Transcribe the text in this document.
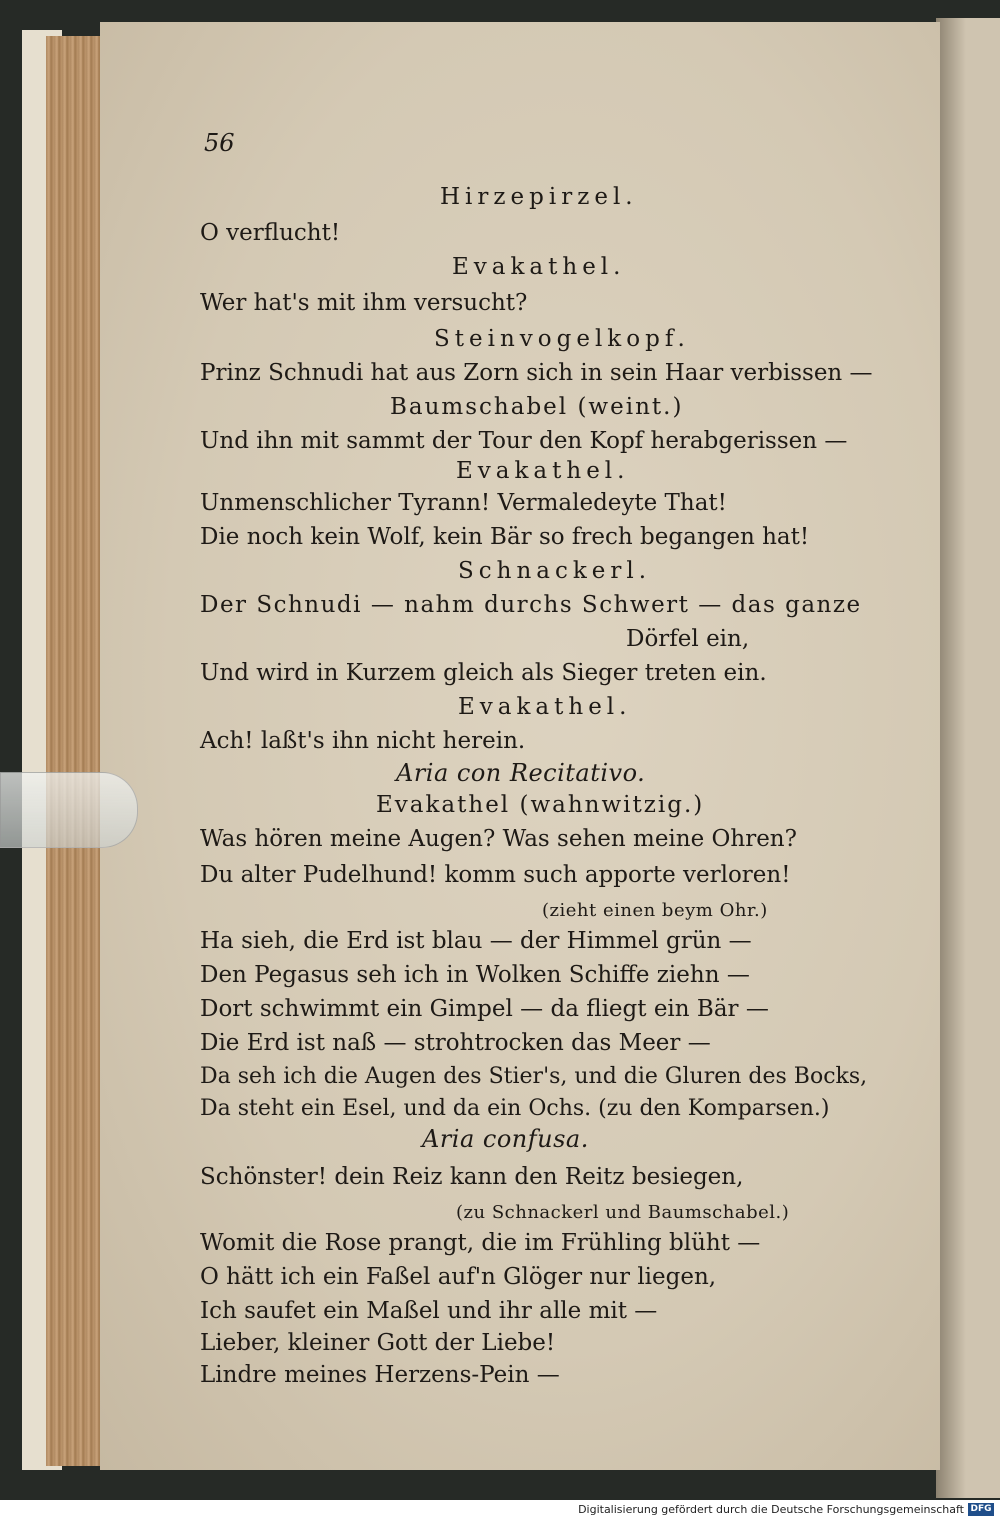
56

Hirzepirzel.

O verflucht!

Evakathel.

Wer hat's mit ihm versucht?

Steinvogelkopf.

Prinz Schnudi hat aus Zorn sich in sein Haar verbissen —

Baumschabel (weint.)

Und ihn mit sammt der Tour den Kopf herabgerissen —

Evakathel.

Unmenschlicher Tyrann! Vermaledeyte That!

Die noch kein Wolf, kein Bär so frech begangen hat!

Schnackerl.

Der Schnudi — nahm durchs Schwert — das ganze

Dörfel ein,

Und wird in Kurzem gleich als Sieger treten ein.

Evakathel.

Ach! laßt's ihn nicht herein.

Aria con Recitativo.

Evakathel (wahnwitzig.)

Was hören meine Augen? Was sehen meine Ohren?

Du alter Pudelhund! komm such apporte verloren!

(zieht einen beym Ohr.)

Ha sieh, die Erd ist blau — der Himmel grün —

Den Pegasus seh ich in Wolken Schiffe ziehn —

Dort schwimmt ein Gimpel — da fliegt ein Bär —

Die Erd ist naß — strohtrocken das Meer —

Da seh ich die Augen des Stier's, und die Gluren des Bocks,

Da steht ein Esel, und da ein Ochs. (zu den Komparsen.)

Aria confusa.

Schönster! dein Reiz kann den Reitz besiegen,

(zu Schnackerl und Baumschabel.)

Womit die Rose prangt, die im Frühling blüht —

O hätt ich ein Faßel auf'n Glöger nur liegen,

Ich saufet ein Maßel und ihr alle mit —

Lieber, kleiner Gott der Liebe!

Lindre meines Herzens-Pein —

Digitalisierung gefördert durch die Deutsche Forschungsgemeinschaft DFG
